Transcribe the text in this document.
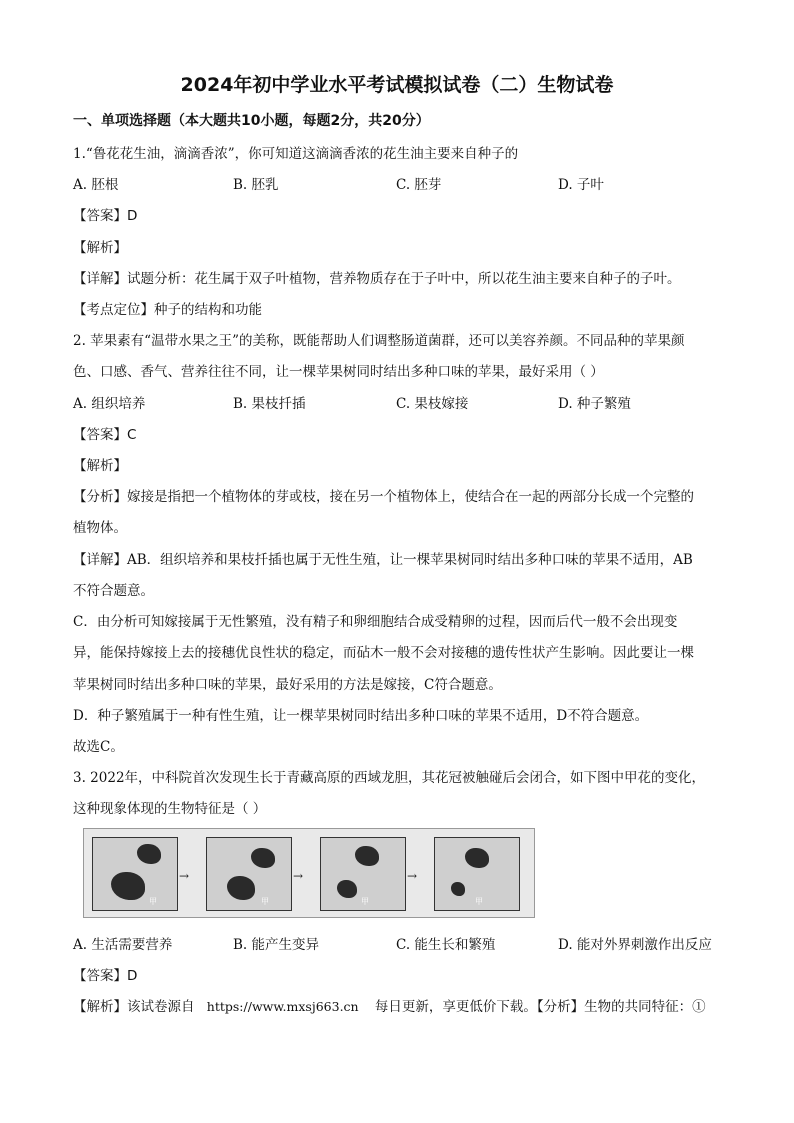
2024年初中学业水平考试模拟试卷（二）生物试卷
一、单项选择题（本大题共10小题，每题2分，共20分）
1.“鲁花花生油，滴滴香浓”，你可知道这滴滴香浓的花生油主要来自种子的
A. 胚根	B. 胚乳	C. 胚芽	D. 子叶
【答案】D
【解析】
【详解】试题分析：花生属于双子叶植物，营养物质存在于子叶中，所以花生油主要来自种子的子叶。
【考点定位】种子的结构和功能
2. 苹果素有“温带水果之王”的美称，既能帮助人们调整肠道菌群，还可以美容养颜。不同品种的苹果颜
色、口感、香气、营养往往不同，让一棵苹果树同时结出多种口味的苹果，最好采用（ ）
A. 组织培养	B. 果枝扦插	C. 果枝嫁接	D. 种子繁殖
【答案】C
【解析】
【分析】嫁接是指把一个植物体的芽或枝，接在另一个植物体上，使结合在一起的两部分长成一个完整的
植物体。
【详解】AB．组织培养和果枝扦插也属于无性生殖，让一棵苹果树同时结出多种口味的苹果不适用，AB
不符合题意。
C．由分析可知嫁接属于无性繁殖，没有精子和卵细胞结合成受精卵的过程，因而后代一般不会出现变
异，能保持嫁接上去的接穗优良性状的稳定，而砧木一般不会对接穗的遗传性状产生影响。因此要让一棵
苹果树同时结出多种口味的苹果，最好采用的方法是嫁接，C符合题意。
D．种子繁殖属于一种有性生殖，让一棵苹果树同时结出多种口味的苹果不适用，D不符合题意。
故选C。
3. 2022年，中科院首次发现生长于青藏高原的西域龙胆，其花冠被触碰后会闭合，如下图中甲花的变化，
这种现象体现的生物特征是（ ）
甲
→
甲
→
甲
→
甲
A. 生活需要营养	B. 能产生变异	C. 能生长和繁殖	D. 能对外界刺激作出反应
【答案】D
【解析】该试卷源自 https://www.mxsj663.cn 每日更新，享更低价下载。【分析】生物的共同特征：①
